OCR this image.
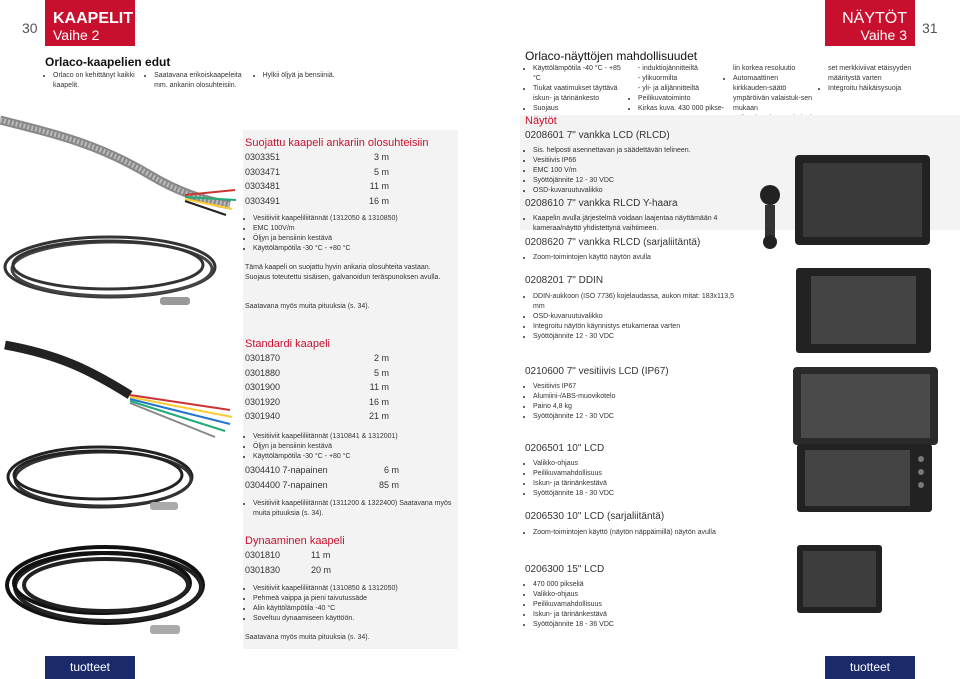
30
KAAPELIT
Vaihe 2
Orlaco-kaapelien edut
• Orlaco on kehittänyt kaikki kaapelit.
• Saatavana erikoiskaapeleita mm. ankariin olosuhteisiin.
• Hylkii öljyä ja bensiiniä.
Suojattu kaapeli ankariin olosuhteisiin
0303351	3 m
0303471	5 m
0303481	11 m
0303491	16 m
• Vesitiiviit kaapeliliitännät (1312050 & 1310850)
• EMC 100V/m
• Öljyn ja bensiinin kestävä
• Käyttölämpötila -30 °C - +80 °C
Tämä kaapeli on suojattu hyvin ankaria olosuhteita vastaan. Suojaus toteutettu sisäisen, galvanoidun teräspunoksen avulla.
Saatavana myös muita pituuksia (s. 34).
Standardi kaapeli
0301870	2 m
0301880	5 m
0301900	11 m
0301920	16 m
0301940	21 m
• Vesitiiviit kaapeliliitännät (1310841 & 1312001)
• Öljyn ja bensiinin kestävä
• Käyttölämpötila -30 °C - +80 °C
0304410 7-napainen	6 m
0304400 7-napainen	85 m
• Vesitiiviit kaapeliliitännät (1311200 & 1322400) Saatavana myös muita pituuksia (s. 34).
Dynaaminen kaapeli
0301810	11 m
0301830	20 m
• Vesitiiviit kaapeliliitännät (1310850 & 1312050)
• Pehmeä vaippa ja pieni taivutussäde
• Alin käyttölämpötila -40 °C
• Soveltuu dynaamiseen käyttöön.
Saatavana myös muita pituuksia (s. 34).
tuotteet
NÄYTÖT
Vaihe 3 31
Orlaco-näyttöjen mahdollisuudet
• Käyttölämpötila -40 °C - +85 °C
• Tiukat vaatimukset täyttävä iskun- ja tärinänkesto
• Suojaus
- induktiojännitteiltä
- ylikuormilta
- yli- ja alijännitteiltä
• Peilikuvatoiminto
• Kirkas kuva. 430 000 pikse-
lin korkea resoluutio
• Automaattinen kirkkauden-säätö ympäröivän valaistuk-sen mukaan
•
set merkkiviivat etäisyyden määritystä varten
• Integroitu häikäisysuoja
Näytöt
0208601 7" vankka LCD (RLCD)
• Sis. helposti asennettavan ja säädettävän telineen.
• Vesitiivis IP66
• EMC 100 V/m
• Syöttöjännite 12 - 30 VDC
• OSD-kuvaruutuvalikko
0208610 7" vankka RLCD Y-haara
• Kaapelin avulla järjestelmä voidaan laajentaa näyttämään 4 kameraa/näyttö yhdistettynä vaihtimeen.
0208620 7" vankka RLCD (sarjaliitäntä)
• Zoom-toimintojen käyttö näytön avulla
0208201 7" DDIN
• DDIN-aukkoon (ISO 7736) kojelaudassa, aukon mitat: 183x113,5 mm
• OSD-kuvaruutuvalikko
• Integroitu näytön käynnistys etukameraa varten
• Syöttöjännite 12 - 30 VDC
0210600 7" vesitiivis LCD (IP67)
• Vesitiivis IP67
• Alumiini-/ABS-muovikotelo
• Paino 4,8 kg
• Syöttöjännite 12 - 30 VDC
0206501 10" LCD
• Valikko-ohjaus
• Peilikuvamahdollisuus
• Iskun- ja tärinänkestävä
• Syöttöjännite 18 - 30 VDC
0206530 10" LCD (sarjaliitäntä)
• Zoom-toimintojen käyttö (näytön näppäimillä) näytön avulla
0206300 15" LCD
• 470 000 pikseliä
• Valikko-ohjaus
• Peilikuvamahdollisuus
• Iskun- ja tärinänkestävä
• Syöttöjännite 18 - 36 VDC
tuotteet
